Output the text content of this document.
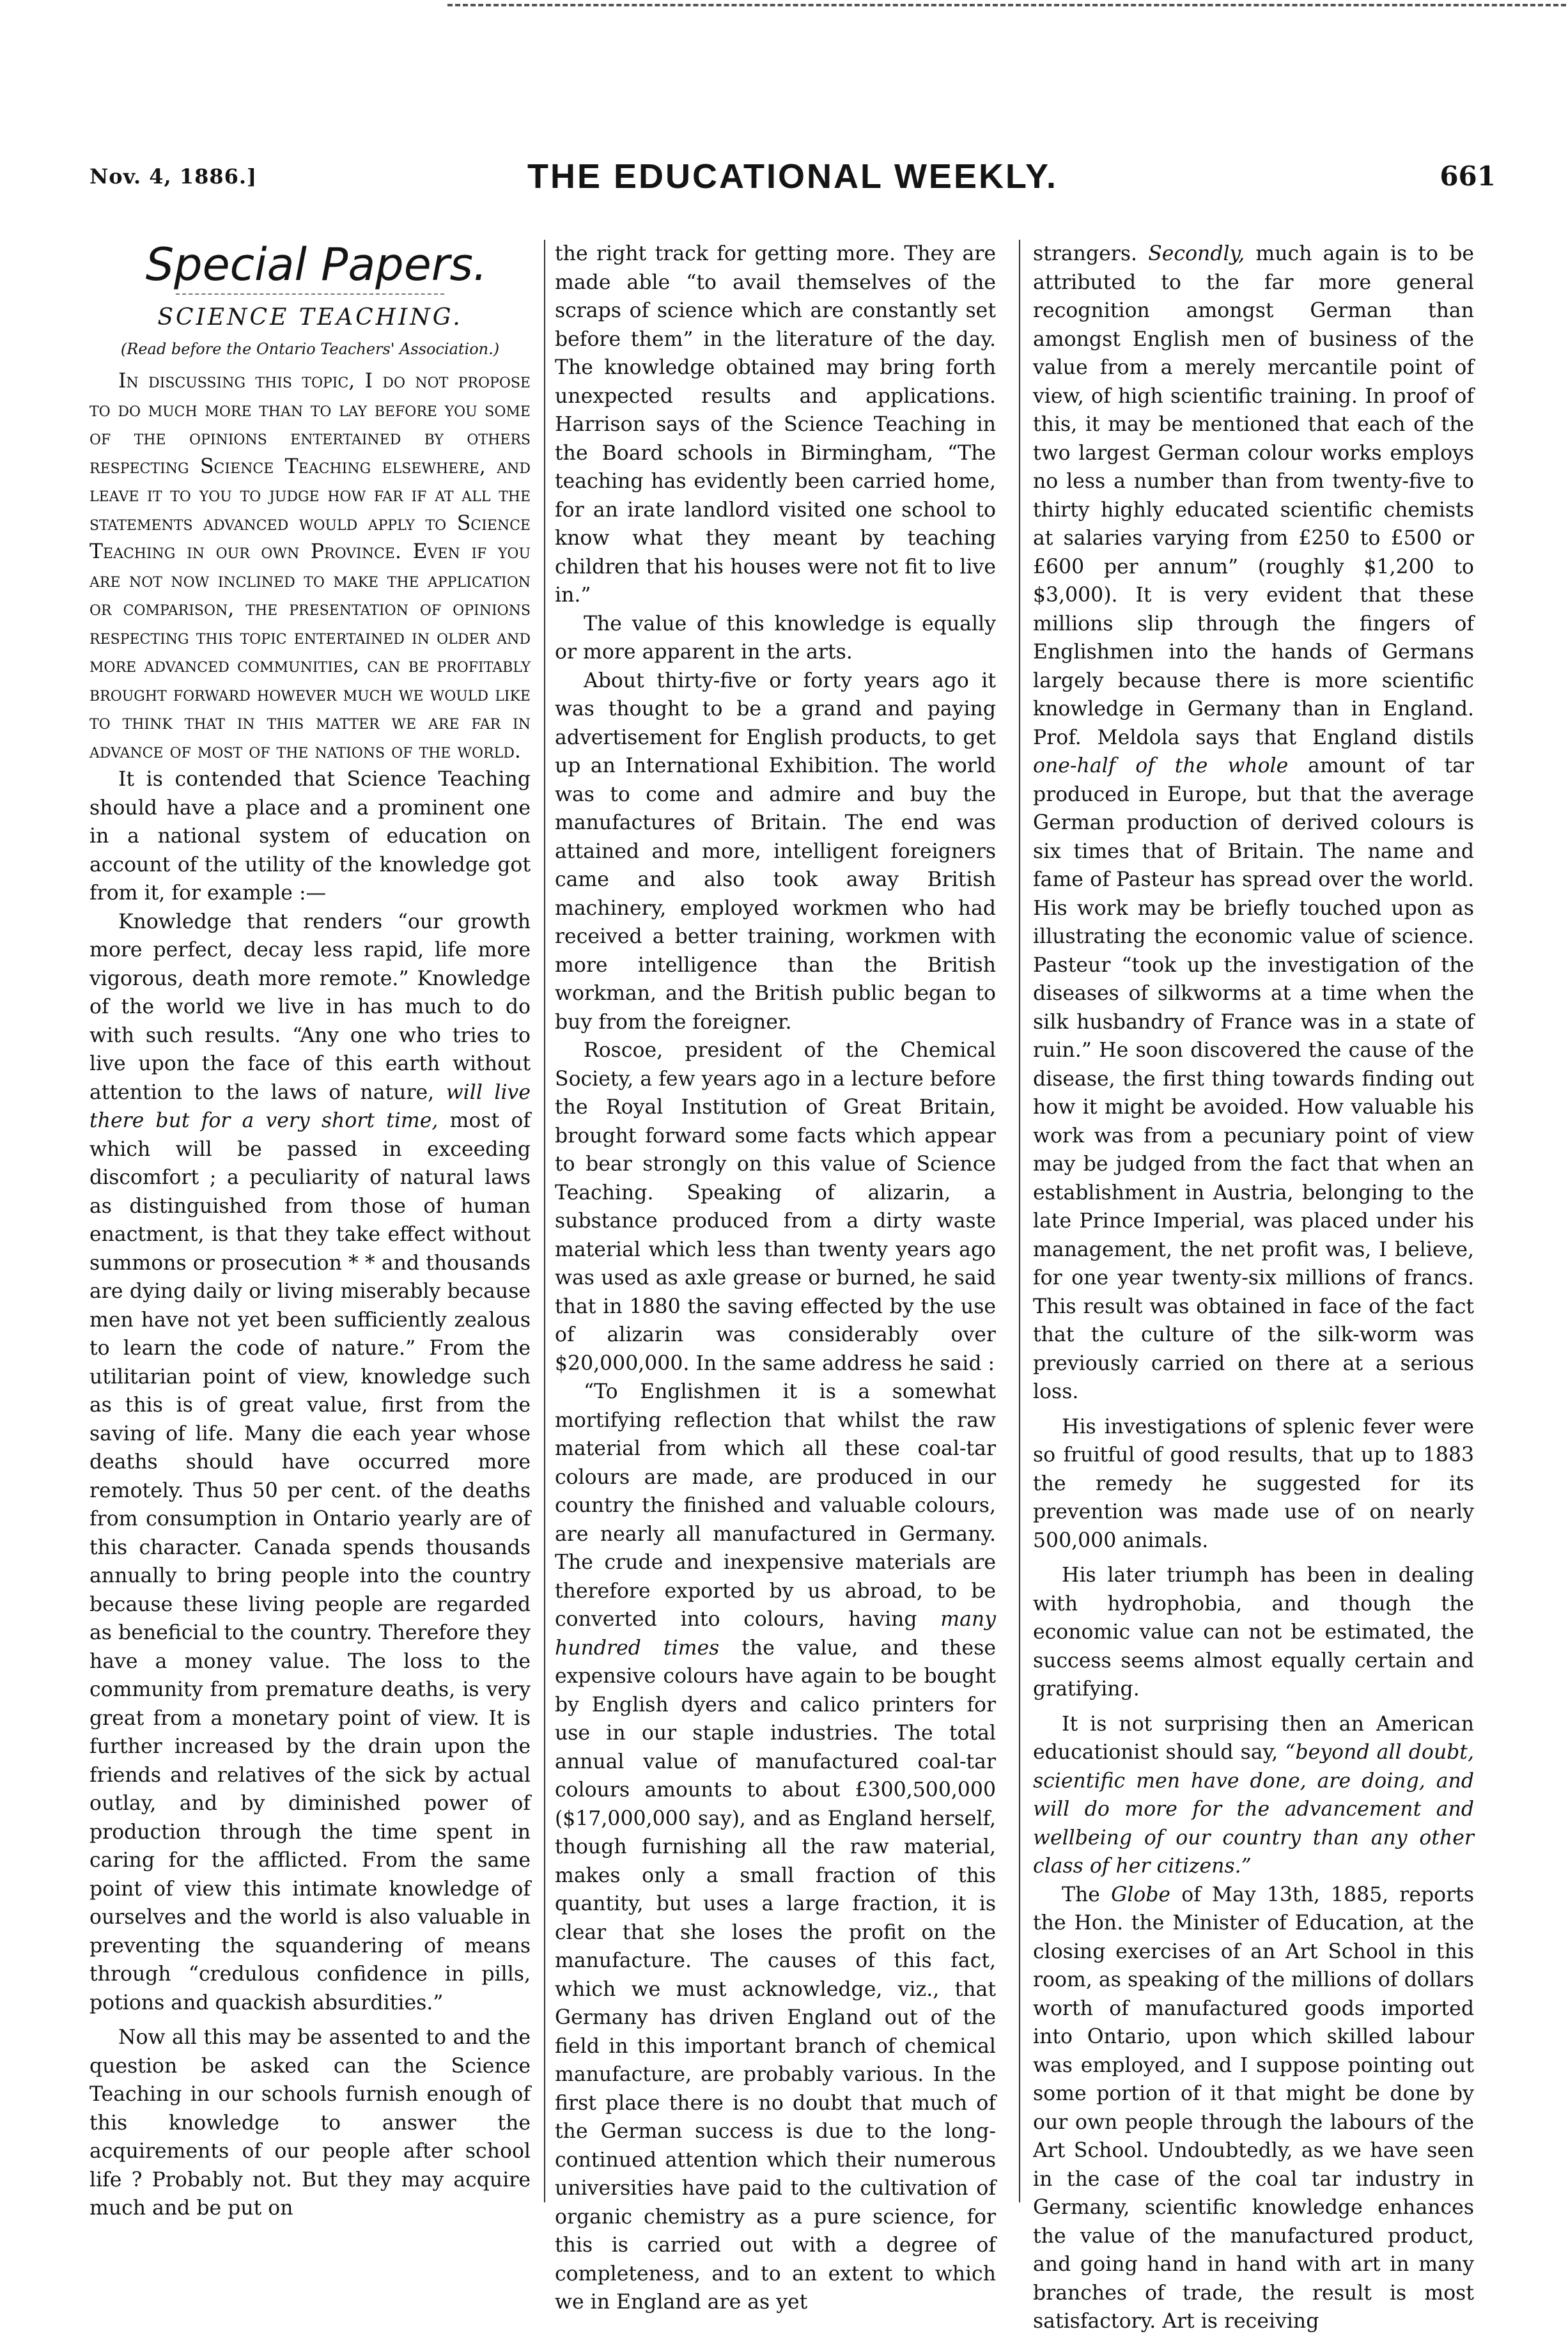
Nov. 4, 1886.]	THE EDUCATIONAL WEEKLY.	661
Special Papers.
SCIENCE TEACHING.
(Read before the Ontario Teachers' Association.)

In discussing this topic, I do not propose to do much more than to lay before you some of the opinions entertained by others respecting Science Teaching elsewhere, and leave it to you to judge how far if at all the statements advanced would apply to Science Teaching in our own Province. Even if you are not now inclined to make the application or comparison, the presentation of opinions respecting this topic entertained in older and more advanced communities, can be profitably brought forward however much we would like to think that in this matter we are far in advance of most of the nations of the world.

It is contended that Science Teaching should have a place and a prominent one in a national system of education on account of the utility of the knowledge got from it, for example :—

Knowledge that renders “our growth more perfect, decay less rapid, life more vigorous, death more remote.” Knowledge of the world we live in has much to do with such results. “Any one who tries to live upon the face of this earth without attention to the laws of nature, will live there but for a very short time, most of which will be passed in exceeding discomfort ; a peculiarity of natural laws as distinguished from those of human enactment, is that they take effect without summons or prosecution * * and thousands are dying daily or living miserably because men have not yet been sufficiently zealous to learn the code of nature.” From the utilitarian point of view, knowledge such as this is of great value, first from the saving of life. Many die each year whose deaths should have occurred more remotely. Thus 50 per cent. of the deaths from consumption in Ontario yearly are of this character. Canada spends thousands annually to bring people into the country because these living people are regarded as beneficial to the country. Therefore they have a money value. The loss to the community from premature deaths, is very great from a monetary point of view. It is further increased by the drain upon the friends and relatives of the sick by actual outlay, and by diminished power of production through the time spent in caring for the afflicted. From the same point of view this intimate knowledge of ourselves and the world is also valuable in preventing the squandering of means through “credulous confidence in pills, potions and quackish absurdities.”

Now all this may be assented to and the question be asked can the Science Teaching in our schools furnish enough of this knowledge to answer the acquirements of our people after school life ? Probably not. But they may acquire much and be put on

the right track for getting more. They are made able “to avail themselves of the scraps of science which are constantly set before them” in the literature of the day. The knowledge obtained may bring forth unexpected results and applications. Harrison says of the Science Teaching in the Board schools in Birmingham, “The teaching has evidently been carried home, for an irate landlord visited one school to know what they meant by teaching children that his houses were not fit to live in.”

The value of this knowledge is equally or more apparent in the arts.

About thirty-five or forty years ago it was thought to be a grand and paying advertisement for English products, to get up an International Exhibition. The world was to come and admire and buy the manufactures of Britain. The end was attained and more, intelligent foreigners came and also took away British machinery, employed workmen who had received a better training, workmen with more intelligence than the British workman, and the British public began to buy from the foreigner.

Roscoe, president of the Chemical Society, a few years ago in a lecture before the Royal Institution of Great Britain, brought forward some facts which appear to bear strongly on this value of Science Teaching. Speaking of alizarin, a substance produced from a dirty waste material which less than twenty years ago was used as axle grease or burned, he said that in 1880 the saving effected by the use of alizarin was considerably over $20,000,000. In the same address he said :

“To Englishmen it is a somewhat mortifying reflection that whilst the raw material from which all these coal-tar colours are made, are produced in our country the finished and valuable colours, are nearly all manufactured in Germany. The crude and inexpensive materials are therefore exported by us abroad, to be converted into colours, having many hundred times the value, and these expensive colours have again to be bought by English dyers and calico printers for use in our staple industries. The total annual value of manufactured coal-tar colours amounts to about £300,500,000 ($17,000,000 say), and as England herself, though furnishing all the raw material, makes only a small fraction of this quantity, but uses a large fraction, it is clear that she loses the profit on the manufacture. The causes of this fact, which we must acknowledge, viz., that Germany has driven England out of the field in this important branch of chemical manufacture, are probably various. In the first place there is no doubt that much of the German success is due to the long-continued attention which their numerous universities have paid to the cultivation of organic chemistry as a pure science, for this is carried out with a degree of completeness, and to an extent to which we in England are as yet

strangers. Secondly, much again is to be attributed to the far more general recognition amongst German than amongst English men of business of the value from a merely mercantile point of view, of high scientific training. In proof of this, it may be mentioned that each of the two largest German colour works employs no less a number than from twenty-five to thirty highly educated scientific chemists at salaries varying from £250 to £500 or £600 per annum” (roughly $1,200 to $3,000). It is very evident that these millions slip through the fingers of Englishmen into the hands of Germans largely because there is more scientific knowledge in Germany than in England. Prof. Meldola says that England distils one-half of the whole amount of tar produced in Europe, but that the average German production of derived colours is six times that of Britain. The name and fame of Pasteur has spread over the world. His work may be briefly touched upon as illustrating the economic value of science. Pasteur “took up the investigation of the diseases of silkworms at a time when the silk husbandry of France was in a state of ruin.” He soon discovered the cause of the disease, the first thing towards finding out how it might be avoided. How valuable his work was from a pecuniary point of view may be judged from the fact that when an establishment in Austria, belonging to the late Prince Imperial, was placed under his management, the net profit was, I believe, for one year twenty-six millions of francs. This result was obtained in face of the fact that the culture of the silk-worm was previously carried on there at a serious loss.

His investigations of splenic fever were so fruitful of good results, that up to 1883 the remedy he suggested for its prevention was made use of on nearly 500,000 animals.

His later triumph has been in dealing with hydrophobia, and though the economic value can not be estimated, the success seems almost equally certain and gratifying.

It is not surprising then an American educationist should say, “beyond all doubt, scientific men have done, are doing, and will do more for the advancement and wellbeing of our country than any other class of her citizens.”

The Globe of May 13th, 1885, reports the Hon. the Minister of Education, at the closing exercises of an Art School in this room, as speaking of the millions of dollars worth of manufactured goods imported into Ontario, upon which skilled labour was employed, and I suppose pointing out some portion of it that might be done by our own people through the labours of the Art School. Undoubtedly, as we have seen in the case of the coal tar industry in Germany, scientific knowledge enhances the value of the manufactured product, and going hand in hand with art in many branches of trade, the result is most satisfactory. Art is receiving
